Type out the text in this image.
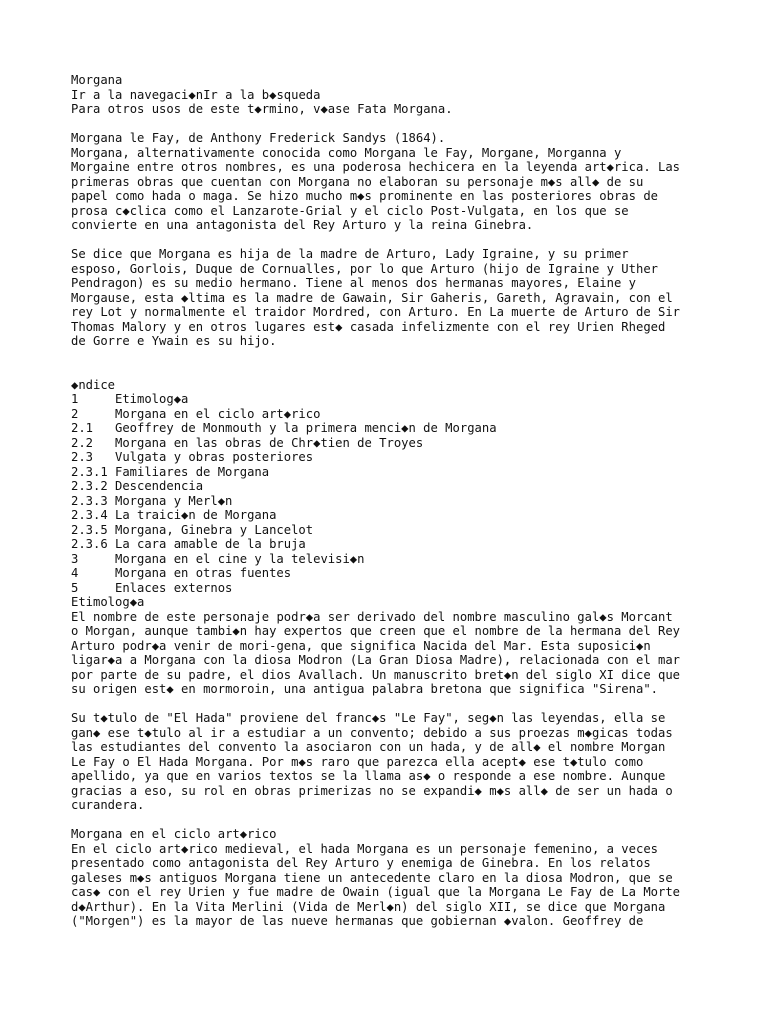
Morgana
Ir a la navegaci◆nIr a la b◆squeda
Para otros usos de este t◆rmino, v◆ase Fata Morgana.
Morgana le Fay, de Anthony Frederick Sandys (1864).
Morgana, alternativamente conocida como Morgana le Fay, Morgane, Morganna y
Morgaine entre otros nombres, es una poderosa hechicera en la leyenda art◆rica. Las
primeras obras que cuentan con Morgana no elaboran su personaje m◆s all◆ de su
papel como hada o maga. Se hizo mucho m◆s prominente en las posteriores obras de
prosa c◆clica como el Lanzarote-Grial y el ciclo Post-Vulgata, en los que se
convierte en una antagonista del Rey Arturo y la reina Ginebra.
Se dice que Morgana es hija de la madre de Arturo, Lady Igraine, y su primer
esposo, Gorlois, Duque de Cornualles, por lo que Arturo (hijo de Igraine y Uther
Pendragon) es su medio hermano. Tiene al menos dos hermanas mayores, Elaine y
Morgause, esta ◆ltima es la madre de Gawain, Sir Gaheris, Gareth, Agravain, con el
rey Lot y normalmente el traidor Mordred, con Arturo. En La muerte de Arturo de Sir
Thomas Malory y en otros lugares est◆ casada infelizmente con el rey Urien Rheged
de Gorre e Ywain es su hijo.
◆ndice
1	Etimolog◆a
2	Morgana en el ciclo art◆rico
2.1	Geoffrey de Monmouth y la primera menci◆n de Morgana
2.2	Morgana en las obras de Chr◆tien de Troyes
2.3	Vulgata y obras posteriores
2.3.1 Familiares de Morgana
2.3.2 Descendencia
2.3.3 Morgana y Merl◆n
2.3.4 La traici◆n de Morgana
2.3.5 Morgana, Ginebra y Lancelot
2.3.6 La cara amable de la bruja
3	Morgana en el cine y la televisi◆n
4	Morgana en otras fuentes
5	Enlaces externos
Etimolog◆a
El nombre de este personaje podr◆a ser derivado del nombre masculino gal◆s Morcant
o Morgan, aunque tambi◆n hay expertos que creen que el nombre de la hermana del Rey
Arturo podr◆a venir de mori-gena, que significa Nacida del Mar. Esta suposici◆n
ligar◆a a Morgana con la diosa Modron (La Gran Diosa Madre), relacionada con el mar
por parte de su padre, el dios Avallach. Un manuscrito bret◆n del siglo XI dice que
su origen est◆ en mormoroin, una antigua palabra bretona que significa "Sirena".
Su t◆tulo de "El Hada" proviene del franc◆s "Le Fay", seg◆n las leyendas, ella se
gan◆ ese t◆tulo al ir a estudiar a un convento; debido a sus proezas m◆gicas todas
las estudiantes del convento la asociaron con un hada, y de all◆ el nombre Morgan
Le Fay o El Hada Morgana. Por m◆s raro que parezca ella acept◆ ese t◆tulo como
apellido, ya que en varios textos se la llama as◆ o responde a ese nombre. Aunque
gracias a eso, su rol en obras primerizas no se expandi◆ m◆s all◆ de ser un hada o
curandera.
Morgana en el ciclo art◆rico
En el ciclo art◆rico medieval, el hada Morgana es un personaje femenino, a veces
presentado como antagonista del Rey Arturo y enemiga de Ginebra. En los relatos
galeses m◆s antiguos Morgana tiene un antecedente claro en la diosa Modron, que se
cas◆ con el rey Urien y fue madre de Owain (igual que la Morgana Le Fay de La Morte
d◆Arthur). En la Vita Merlini (Vida de Merl◆n) del siglo XII, se dice que Morgana
("Morgen") es la mayor de las nueve hermanas que gobiernan ◆valon. Geoffrey de
